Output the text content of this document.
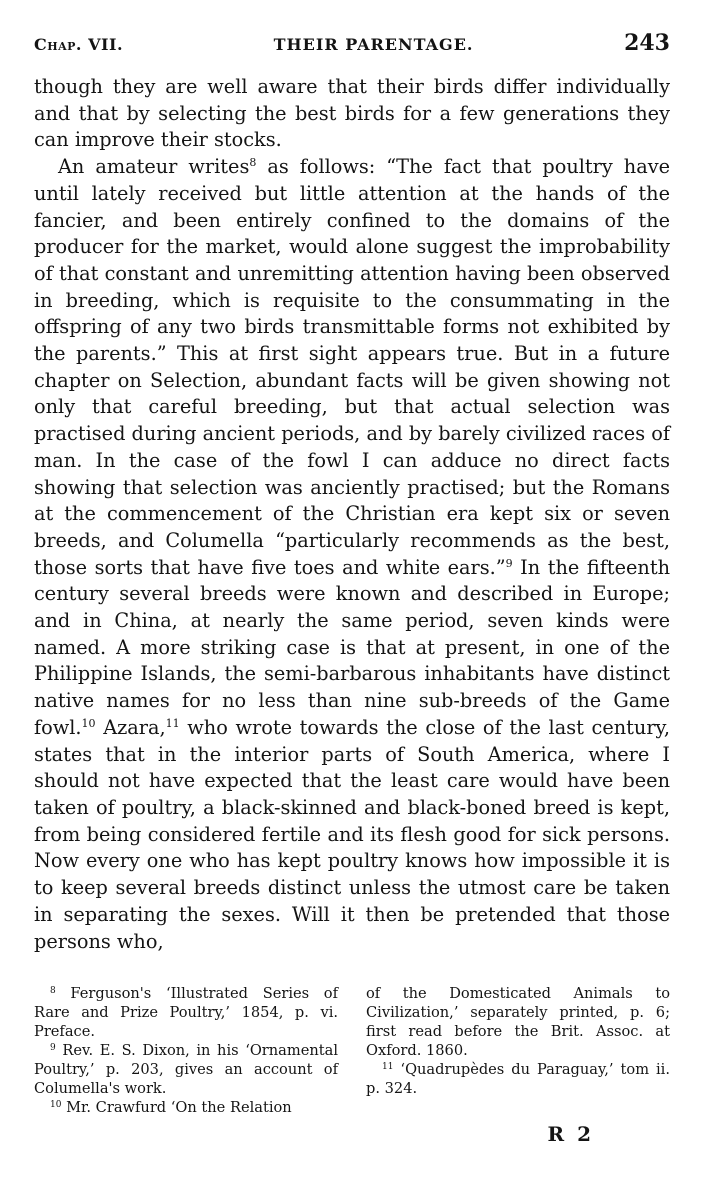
Chap. VII.	THEIR PARENTAGE.	243

though they are well aware that their birds differ individually and that by selecting the best birds for a few generations they can improve their stocks.

An amateur writes$^8$ as follows: “The fact that poultry have until lately received but little attention at the hands of the fancier, and been entirely confined to the domains of the producer for the market, would alone suggest the improbability of that constant and unremitting attention having been observed in breeding, which is requisite to the consummating in the offspring of any two birds transmittable forms not exhibited by the parents.” This at first sight appears true. But in a future chapter on Selection, abundant facts will be given showing not only that careful breeding, but that actual selection was practised during ancient periods, and by barely civilized races of man. In the case of the fowl I can adduce no direct facts showing that selection was anciently practised; but the Romans at the commencement of the Christian era kept six or seven breeds, and Columella “particularly recommends as the best, those sorts that have five toes and white ears.”$^9$ In the fifteenth century several breeds were known and described in Europe; and in China, at nearly the same period, seven kinds were named. A more striking case is that at present, in one of the Philippine Islands, the semi-barbarous inhabitants have distinct native names for no less than nine sub-breeds of the Game fowl.$^{10}$ Azara,$^{11}$ who wrote towards the close of the last century, states that in the interior parts of South America, where I should not have expected that the least care would have been taken of poultry, a black-skinned and black-boned breed is kept, from being considered fertile and its flesh good for sick persons. Now every one who has kept poultry knows how impossible it is to keep several breeds distinct unless the utmost care be taken in separating the sexes. Will it then be pretended that those persons who,

$^8$ Ferguson's ‘Illustrated Series of Rare and Prize Poultry,’ 1854, p. vi. Preface.

$^9$ Rev. E. S. Dixon, in his ‘Ornamental Poultry,’ p. 203, gives an account of Columella's work.

$^{10}$ Mr. Crawfurd ‘On the Relation

of the Domesticated Animals to Civilization,’ separately printed, p. 6; first read before the Brit. Assoc. at Oxford. 1860.

$^{11}$ ‘Quadrupèdes du Paraguay,’ tom ii. p. 324.

R 2
